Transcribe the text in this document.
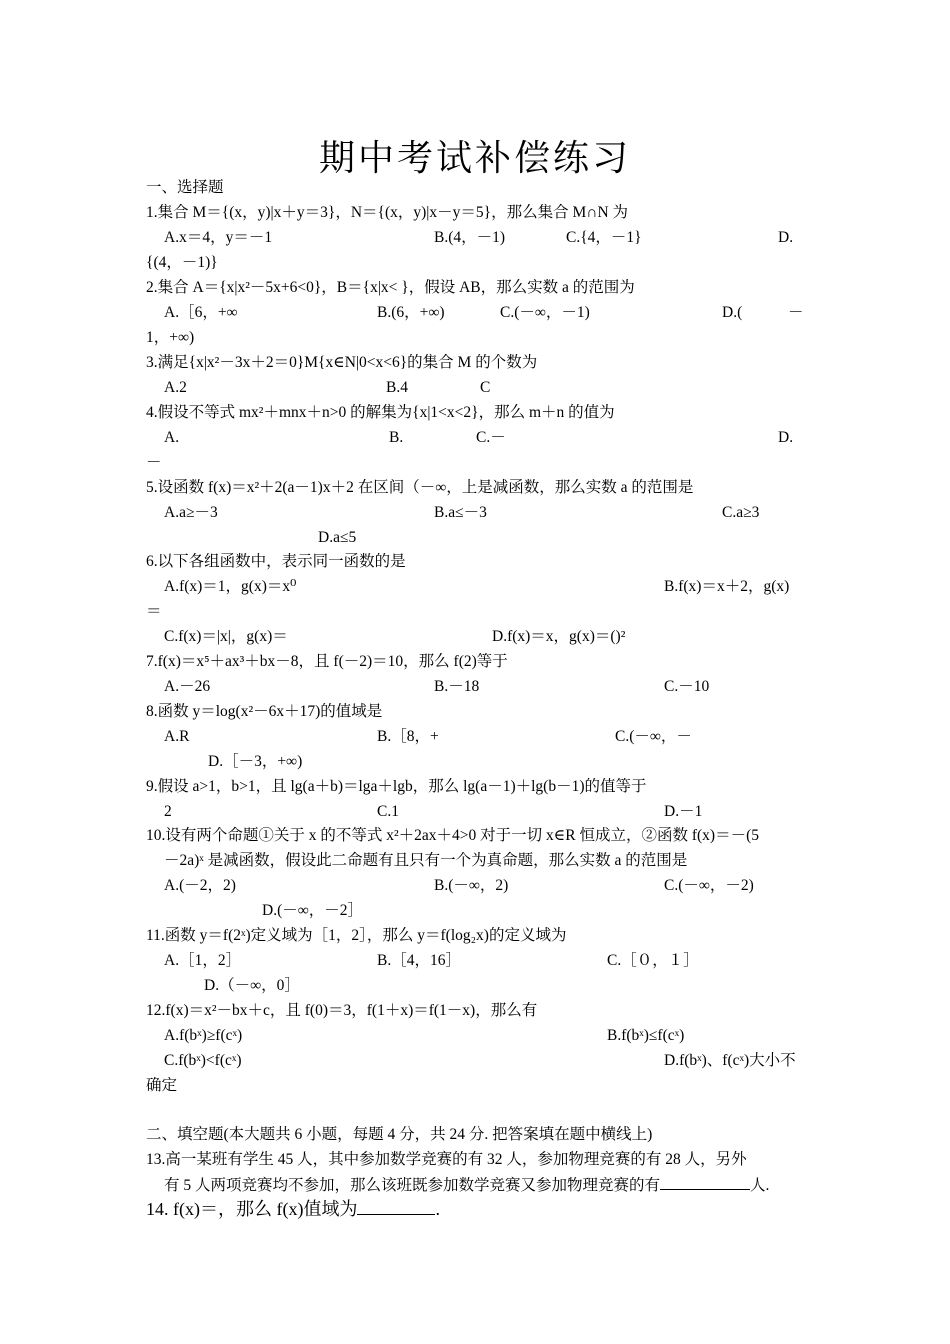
期中考试补偿练习
一、选择题
1.集合 M＝{(x，y)|x＋y＝3}，N＝{(x，y)|x－y＝5}，那么集合 M∩N 为
A.x＝4，y＝－1	B.(4，－1)	C.{4，－1}	D.
{(4，－1)}
2.集合 A＝{x|x²－5x+6<0}，B＝{x|x< }，假设 AB，那么实数 a 的范围为
A.［6，+∞	B.(6，+∞)	C.(－∞，－1)	D.(	－
1，+∞)
3.满足{x|x²－3x＋2＝0}M{x∈N|0<x<6}的集合 M 的个数为
A.2	B.4	C
4.假设不等式 mx²＋mnx＋n>0 的解集为{x|1<x<2}，那么 m＋n 的值为
A.	B.	C.－	D.
－
5.设函数 f(x)＝x²＋2(a－1)x＋2 在区间（－∞，上是减函数，那么实数 a 的范围是
A.a≥－3	B.a≤－3	C.a≥3
D.a≤5
6.以下各组函数中，表示同一函数的是
A.f(x)＝1，g(x)＝x⁰	B.f(x)＝x＋2，g(x)
＝
C.f(x)＝|x|，g(x)＝	D.f(x)＝x，g(x)＝()²
7.f(x)＝x⁵＋ax³＋bx－8，且 f(－2)＝10，那么 f(2)等于
A.－26	B.－18	C.－10
8.函数 y＝log(x²－6x＋17)的值域是
A.R	B.［8，+	C.(－∞，－
D.［－3，+∞)
9.假设 a>1，b>1，且 lg(a＋b)＝lga＋lgb，那么 lg(a－1)＋lg(b－1)的值等于
2	C.1	D.－1
10.设有两个命题①关于 x 的不等式 x²＋2ax＋4>0 对于一切 x∈R 恒成立，②函数 f(x)＝－(5
－2a)ˣ 是减函数，假设此二命题有且只有一个为真命题，那么实数 a 的范围是
A.(－2，2)	B.(－∞，2)	C.(－∞，－2)
D.(－∞，－2］
11.函数 y＝f(2ˣ)定义域为［1，2］，那么 y＝f(log₂x)的定义域为
A.［1，2］	B.［4，16］	C.［０，１］
D.（－∞，0］
12.f(x)＝x²－bx＋c，且 f(0)＝3，f(1＋x)＝f(1－x)，那么有
A.f(bˣ)≥f(cˣ)	B.f(bˣ)≤f(cˣ)
C.f(bˣ)<f(cˣ)	D.f(bˣ)、f(cˣ)大小不
确定
二、填空题(本大题共 6 小题，每题 4 分，共 24 分. 把答案填在题中横线上)
13.高一某班有学生 45 人，其中参加数学竞赛的有 32 人，参加物理竞赛的有 28 人，另外
有 5 人两项竞赛均不参加，那么该班既参加数学竞赛又参加物理竞赛的有	人.
14. f(x)＝，那么 f(x)值域为	.
